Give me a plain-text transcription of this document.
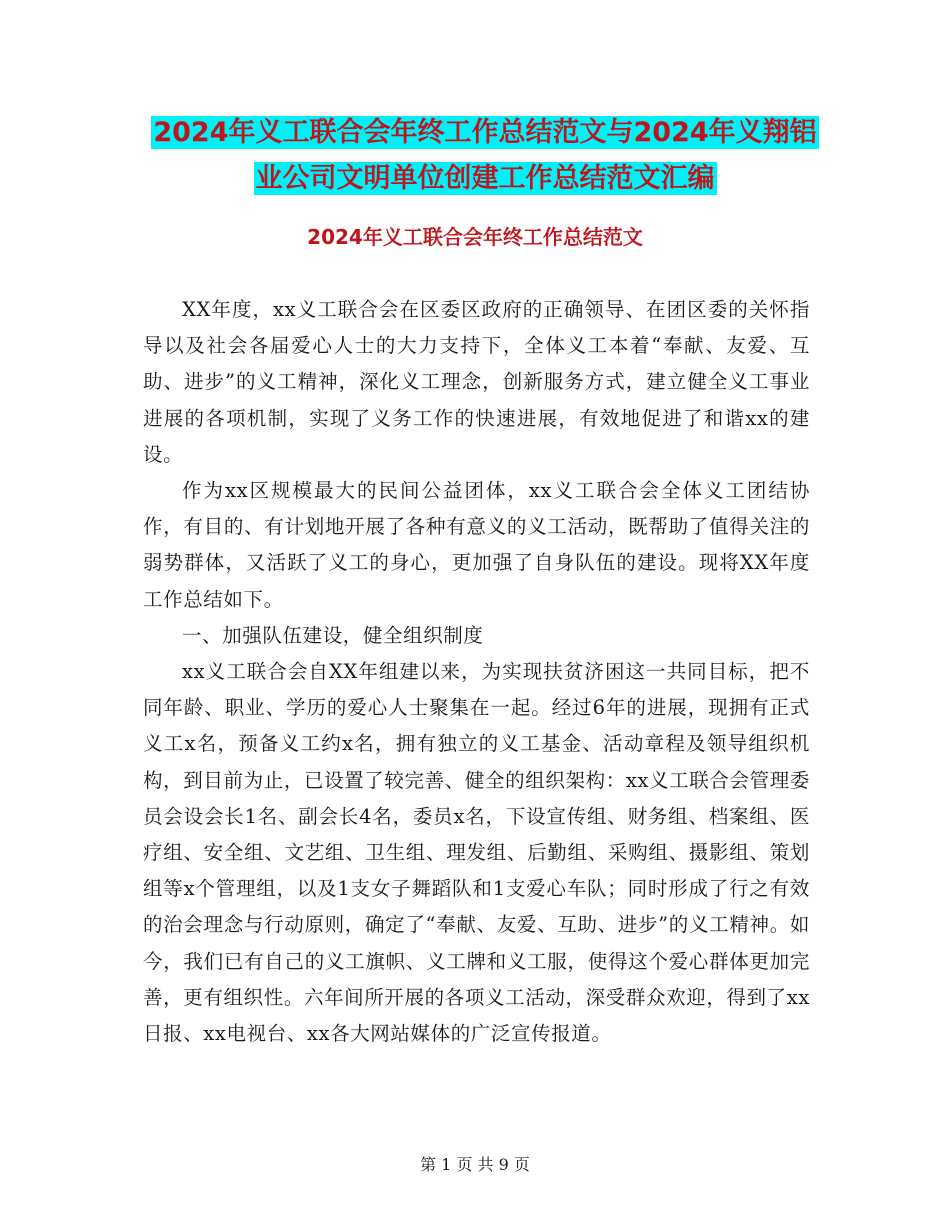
2024年义工联合会年终工作总结范文与2024年义翔铝
业公司文明单位创建工作总结范文汇编
2024年义工联合会年终工作总结范文

XX年度，xx义工联合会在区委区政府的正确领导、在团区委的关怀指导以及社会各届爱心人士的大力支持下，全体义工本着“奉献、友爱、互助、进步”的义工精神，深化义工理念，创新服务方式，建立健全义工事业进展的各项机制，实现了义务工作的快速进展，有效地促进了和谐xx的建设。

作为xx区规模最大的民间公益团体，xx义工联合会全体义工团结协作，有目的、有计划地开展了各种有意义的义工活动，既帮助了值得关注的弱势群体，又活跃了义工的身心，更加强了自身队伍的建设。现将XX年度工作总结如下。

一、加强队伍建设，健全组织制度

xx义工联合会自XX年组建以来，为实现扶贫济困这一共同目标，把不同年龄、职业、学历的爱心人士聚集在一起。经过6年的进展，现拥有正式义工x名，预备义工约x名，拥有独立的义工基金、活动章程及领导组织机构，到目前为止，已设置了较完善、健全的组织架构：xx义工联合会管理委员会设会长1名、副会长4名，委员x名，下设宣传组、财务组、档案组、医疗组、安全组、文艺组、卫生组、理发组、后勤组、采购组、摄影组、策划组等x个管理组，以及1支女子舞蹈队和1支爱心车队；同时形成了行之有效的治会理念与行动原则，确定了“奉献、友爱、互助、进步”的义工精神。如今，我们已有自己的义工旗帜、义工牌和义工服，使得这个爱心群体更加完善，更有组织性。六年间所开展的各项义工活动，深受群众欢迎，得到了xx日报、xx电视台、xx各大网站媒体的广泛宣传报道。

第 1 页 共 9 页
